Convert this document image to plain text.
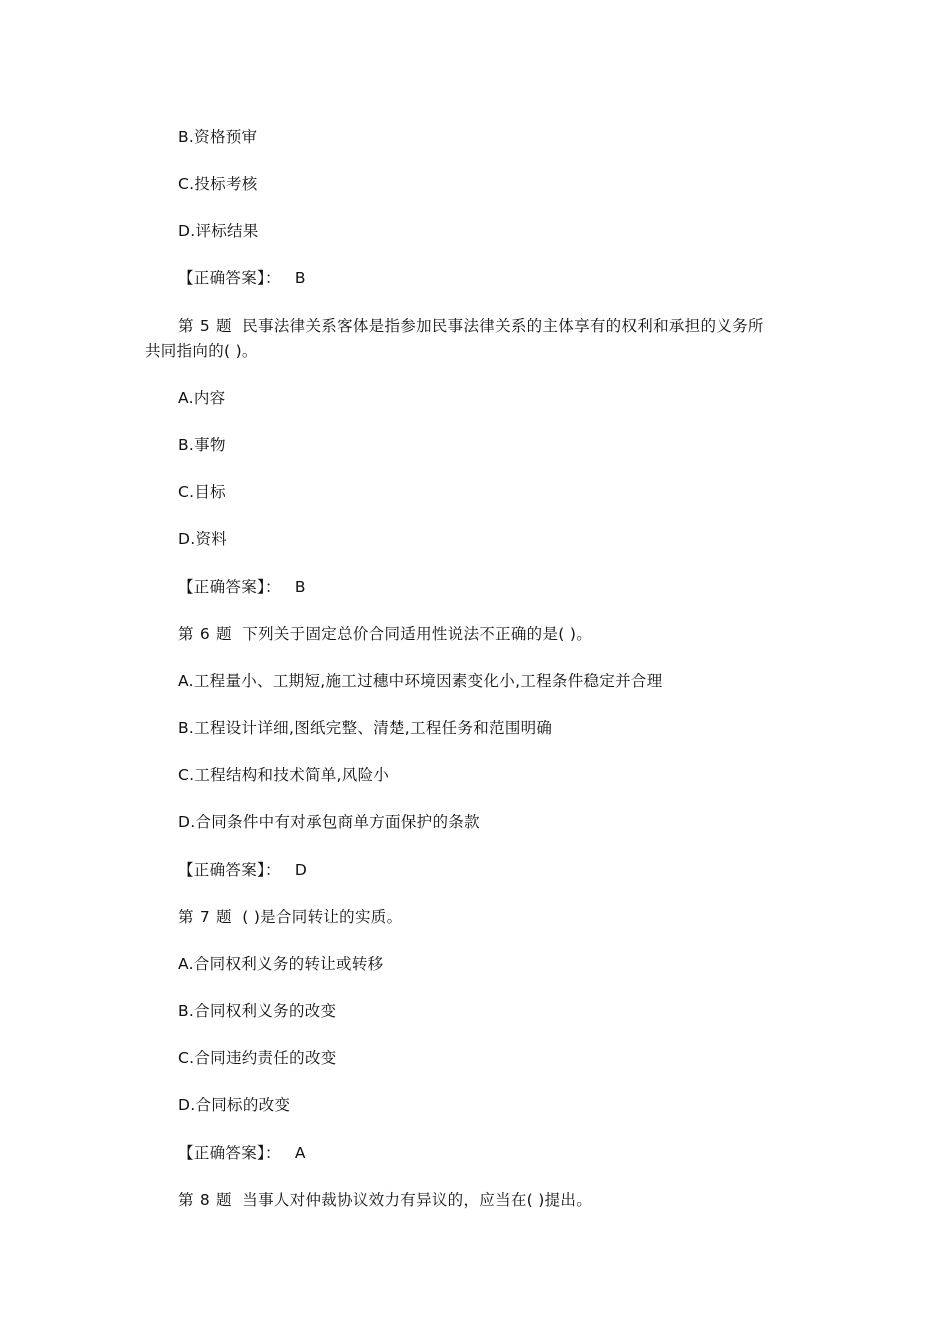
B.资格预审
C.投标考核
D.评标结果
【正确答案】： B
第 5 题 民事法律关系客体是指参加民事法律关系的主体享有的权利和承担的义务所
共同指向的( )。
A.内容
B.事物
C.目标
D.资料
【正确答案】： B
第 6 题 下列关于固定总价合同适用性说法不正确的是( )。
A.工程量小、工期短,施工过穗中环境因素变化小,工程条件稳定并合理
B.工程设计详细,图纸完整、清楚,工程任务和范围明确
C.工程结构和技术简单,风险小
D.合同条件中有对承包商单方面保护的条款
【正确答案】： D
第 7 题 ( )是合同转让的实质。
A.合同权利义务的转让或转移
B.合同权利义务的改变
C.合同违约责任的改变
D.合同标的改变
【正确答案】： A
第 8 题 当事人对仲裁协议效力有异议的，应当在( )提出。
